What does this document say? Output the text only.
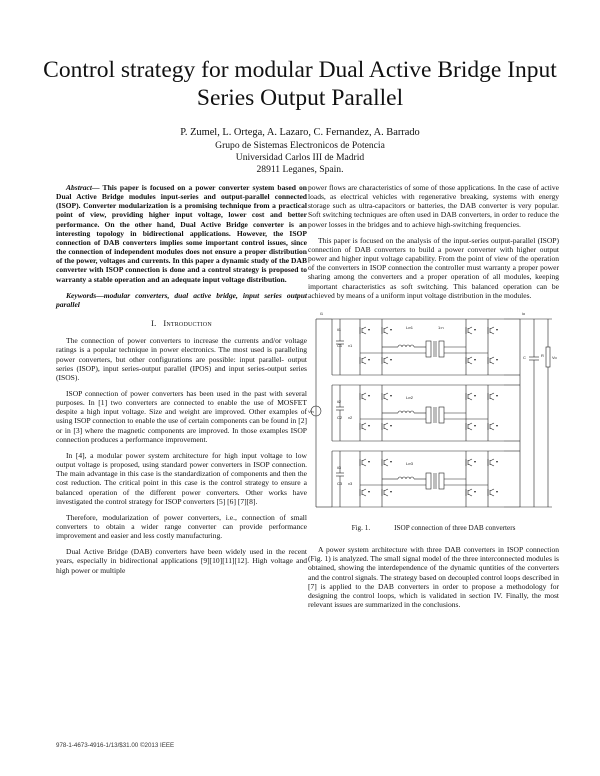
Control strategy for modular Dual Active Bridge Input Series Output Parallel
P. Zumel, L. Ortega, A. Lazaro, C. Fernandez, A. Barrado
Grupo de Sistemas Electronicos de Potencia
Universidad Carlos III de Madrid
28911 Leganes, Spain.

Abstract— This paper is focused on a power converter system based on Dual Active Bridge modules input-series and output-parallel connected (ISOP). Converter modularization is a promising technique from a practical point of view, providing higher input voltage, lower cost and better performance. On the other hand, Dual Active Bridge converter is an interesting topology in bidirectional applications. However, the ISOP connection of DAB converters implies some important control issues, since the connection of independent modules does not ensure a proper distribution of the power, voltages and currents. In this paper a dynamic study of the DAB converter with ISOP connection is done and a control strategy is proposed to warranty a stable operation and an adequate input voltage distribution.

Keywords—modular converters, dual active bridge, input series output parallel
I. Introduction

The connection of power converters to increase the currents and/or voltage ratings is a popular technique in power electronics. The most used is paralleling power converters, but other configurations are possible: input parallel- output series (ISOP), input series-output parallel (IPOS) and input series-output series (ISOS).

ISOP connection of power converters has been used in the past with several purposes. In [1] two converters are connected to enable the use of MOSFET despite a high input voltage. Size and weight are improved. Other examples of using ISOP connection to enable the use of certain components can be found in [2] or in [3] where the magnetic components are improved. In those examples ISOP connection produces a performance improvement.

In [4], a modular power system architecture for high input voltage to low output voltage is proposed, using standard power converters in ISOP connection. The main advantage in this case is the standardization of components and then the cost reduction. The critical point in this case is the control strategy to ensure a balanced operation of the different power converters. Other works have investigated the control strategy for ISOP converters [5] [6] [7][8].

Therefore, modularization of power converters, i.e., connection of small converters to obtain a wider range converter can provide performance improvement and easier and less costly manufacturing.

Dual Active Bridge (DAB) converters have been widely used in the recent years, especially in bidirectional applications [9][10][11][12]. High voltage and high power or multiple

power flows are characteristics of some of those applications. In the case of active loads, as electrical vehicles with regenerative breaking, systems with energy storage such as ultra-capacitors or batteries, the DAB converter is very popular. Soft switching techniques are often used in DAB converters, in order to reduce the power losses in the bridges and to achieve high-switching frequencies.

This paper is focused on the analysis of the input-series output-parallel (ISOP) connection of DAB converters to build a power converter with higher output power and higher input voltage capability. From the point of view of the operation of the converters in ISOP connection the controller must warranty a proper power sharing among the converters and a proper operation of all modules, keeping important characteristics as soft switching. This balanced operation can be achieved by means of a uniform input voltage distribution in the modules.

Vin
i1	io
C	R Vo
C1
C2
C3
v1
v2
v3
ii1
ii2
ii3
Lσ1
Lσ2
Lσ3
1:n
Fig. 1.	ISOP connection of three DAB converters

A power system architecture with three DAB converters in ISOP connection (Fig. 1) is analyzed. The small signal model of the three interconnected modules is obtained, showing the interdependence of the dynamic quntities of the converters and the control signals. The strategy based on decoupled control loops described in [7] is applied to the DAB converters in order to propose a methodology for designing the control loops, which is validated in section IV. Finally, the most relevant issues are summarized in the conclusions.

978-1-4673-4916-1/13/$31.00 ©2013 IEEE
